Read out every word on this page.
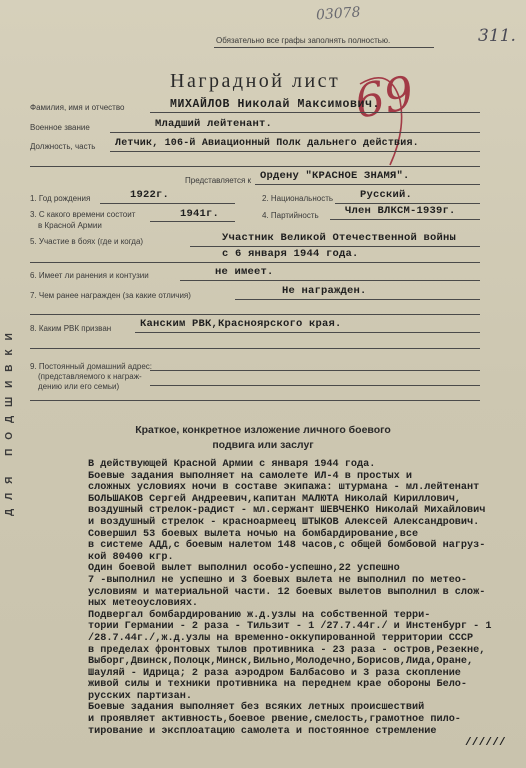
03078
311.
Обязательно все графы заполнять полностью.
Наградной лист 69
Фамилия, имя и отчество	МИХАЙЛОВ Николай Максимович.
Военное звание	Младший лейтенант.
Должность, часть Летчик, 106-й Авиационный Полк дальнего действия.
Представляется к Ордену "КРАСНОЕ ЗНАМЯ".
1. Год рождения	1922г.	2. Национальность	Русский.
3. С какого времени состоит
в Красной Армии
1941г.	4. Партийность	Член ВЛКСМ-1939г.
5. Участие в боях (где и когда)	Участник Великой Отечественной войны
с 6 января 1944 года.
6. Имеет ли ранения и контузии	не имеет.
7. Чем ранее награжден (за какие отличия)	Не награжден.
8. Каким РВК призван	Канским РВК,Красноярского края.
9. Постоянный домашний адрес:
(представляемого к награж-
дению или его семьи)
ДЛЯ ПОДШИВКИ	Краткое, конкретное изложение личного боевого
подвига или заслуг
В действующей Красной Армии с января 1944 года.
Боевые задания выполняет на самолете ИЛ-4 в простых и
сложных условиях ночи в составе экипажа: штурмана - мл.лейтенант
БОЛЬШАКОВ Сергей Андреевич,капитан МАЛЮТА Николай Кириллович,
воздушный стрелок-радист - мл.сержант ШЕВЧЕНКО Николай Михайлович
и воздушный стрелок - красноармеец ШТЫКОВ Алексей Александрович.
Совершил 53 боевых вылета ночью на бомбардирование,все
в системе АДД,с боевым налетом 148 часов,с общей бомбовой нагруз-
кой 80400 кгр.
Один боевой вылет выполнил особо-успешно,22 успешно
7 -выполнил не успешно и 3 боевых вылета не выполнил по метео-
условиям и материальной части. 12 боевых вылетов выполнил в слож-
ных метеоусловиях.
Подвергал бомбардированию ж.д.узлы на собственной терри-
тории Германии - 2 раза - Тильзит - 1 /27.7.44г./ и Инстенбург - 1
/28.7.44г./,ж.д.узлы на временно-оккупированной территории СССР
в пределах фронтовых тылов противника - 23 раза - остров,Резекне,
Выборг,Двинск,Полоцк,Минск,Вильно,Молодечно,Борисов,Лида,Оране,
Шауляй - Идрица; 2 раза аэродром Балбасово и 3 раза скопление
живой силы и техники противника на переднем крае обороны Бело-
русских партизан.
Боевые задания выполняет без всяких летных происшествий
и проявляет активность,боевое рвение,смелость,грамотное пило-
тирование и эксплоатацию самолета и постоянное стремление
//////
